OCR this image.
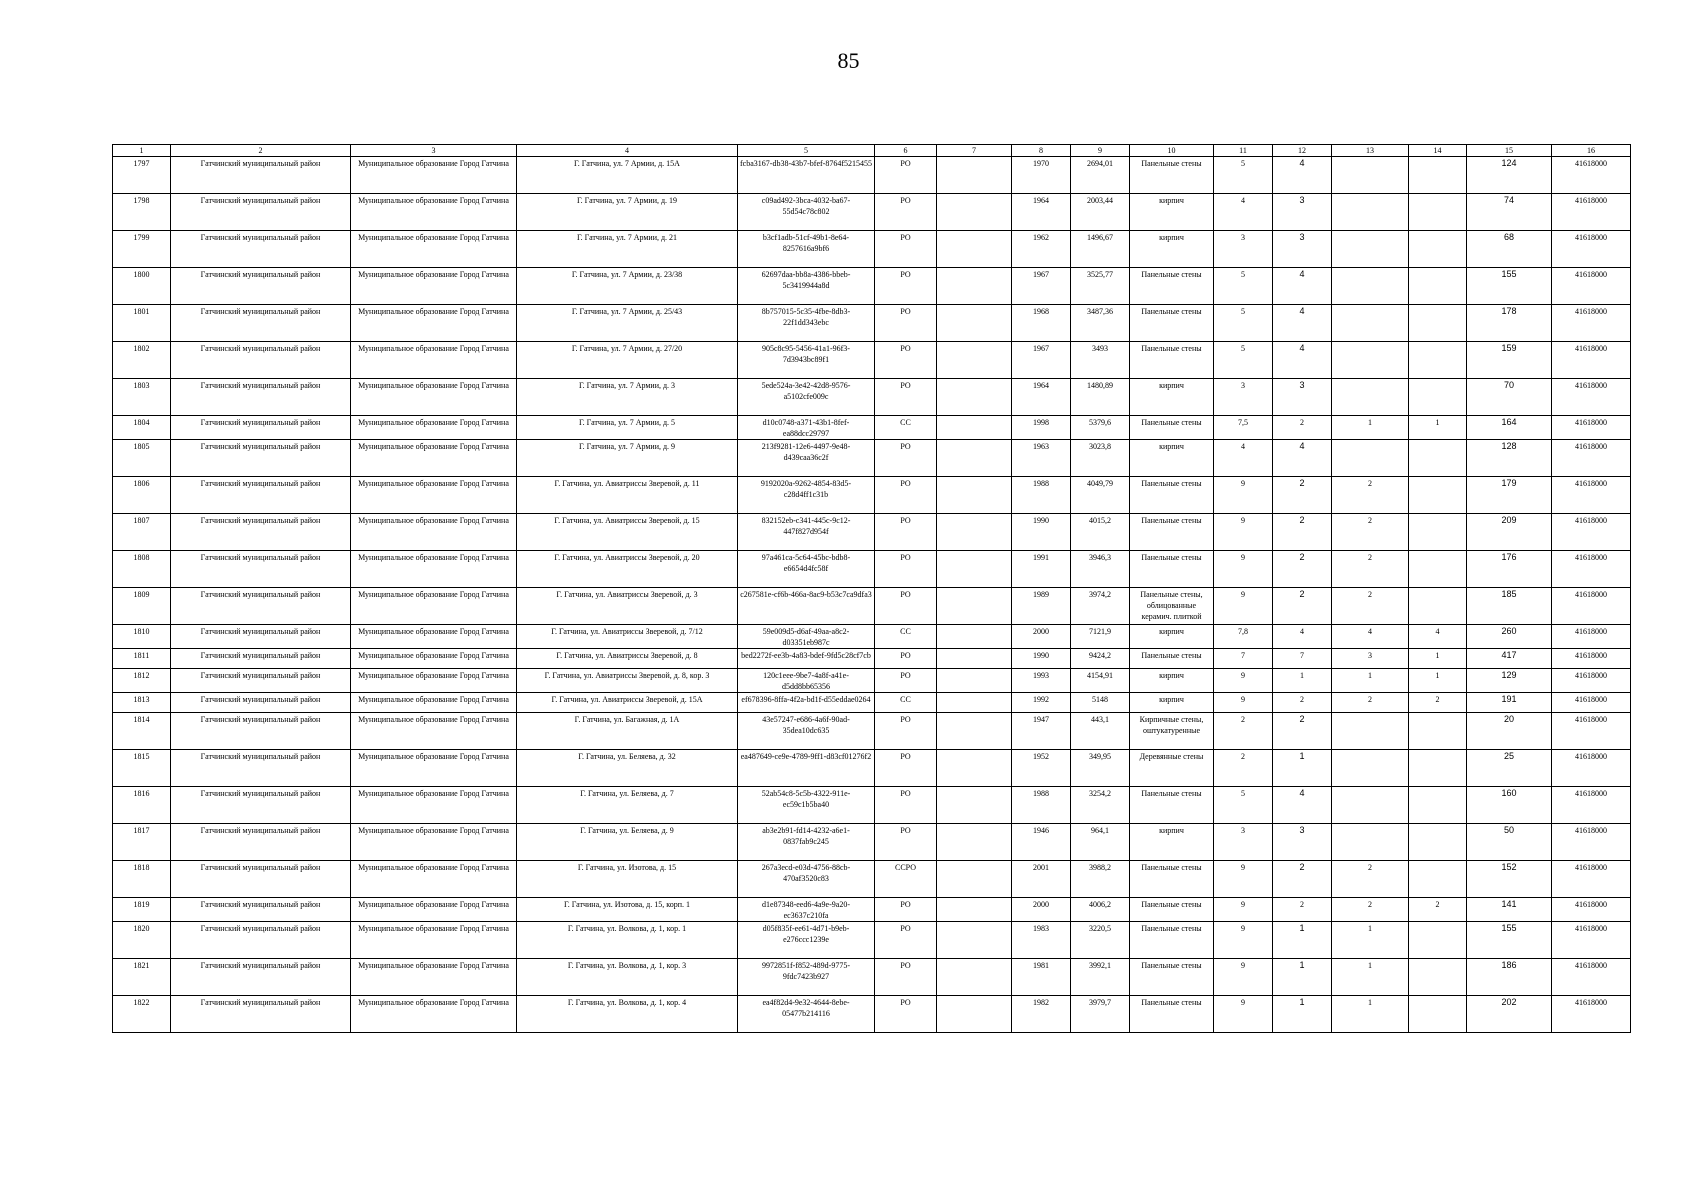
85
1	2	3	4	5	6	7	8	9	10	11	12	13	14	15	16
1797	Гатчинский муниципальный район	Муниципальное образование Город Гатчина	Г. Гатчина, ул. 7 Армии, д. 15А	fcba3167-db38-43b7-bfef-8764f5215455	РО		1970	2694,01	Панельные стены	5	4			124	41618000
1798	Гатчинский муниципальный район	Муниципальное образование Город Гатчина	Г. Гатчина, ул. 7 Армии, д. 19	c09ad492-3bca-4032-ba67-55d54c78c802	РО		1964	2003,44	кирпич	4	3			74	41618000
1799	Гатчинский муниципальный район	Муниципальное образование Город Гатчина	Г. Гатчина, ул. 7 Армии, д. 21	b3cf1adb-51cf-49b1-8e64-8257616a9bf6	РО		1962	1496,67	кирпич	3	3			68	41618000
1800	Гатчинский муниципальный район	Муниципальное образование Город Гатчина	Г. Гатчина, ул. 7 Армии, д. 23/38	62697daa-bb8a-4386-bbeb-5c3419944a8d	РО		1967	3525,77	Панельные стены	5	4			155	41618000
1801	Гатчинский муниципальный район	Муниципальное образование Город Гатчина	Г. Гатчина, ул. 7 Армии, д. 25/43	8b757015-5c35-4fbe-8db3-22f1dd343ebc	РО		1968	3487,36	Панельные стены	5	4			178	41618000
1802	Гатчинский муниципальный район	Муниципальное образование Город Гатчина	Г. Гатчина, ул. 7 Армии, д. 27/20	905c8c95-5456-41a1-96f3-7d3943bc89f1	РО		1967	3493	Панельные стены	5	4			159	41618000
1803	Гатчинский муниципальный район	Муниципальное образование Город Гатчина	Г. Гатчина, ул. 7 Армии, д. 3	5ede524a-3e42-42d8-9576-a5102cfe009c	РО		1964	1480,89	кирпич	3	3			70	41618000
1804	Гатчинский муниципальный район	Муниципальное образование Город Гатчина	Г. Гатчина, ул. 7 Армии, д. 5	d10c0748-a371-43b1-8fef-ea88dcc29797	СС		1998	5379,6	Панельные стены	7,5	2	1	1	164	41618000
1805	Гатчинский муниципальный район	Муниципальное образование Город Гатчина	Г. Гатчина, ул. 7 Армии, д. 9	213f9281-12e6-4497-9e48-d439caa36c2f	РО		1963	3023,8	кирпич	4	4			128	41618000
1806	Гатчинский муниципальный район	Муниципальное образование Город Гатчина	Г. Гатчина, ул. Авиатриссы Зверевой, д. 11	9192020a-9262-4854-83d5-c28d4ff1c31b	РО		1988	4049,79	Панельные стены	9	2	2		179	41618000
1807	Гатчинский муниципальный район	Муниципальное образование Город Гатчина	Г. Гатчина, ул. Авиатриссы Зверевой, д. 15	832152eb-c341-445c-9c12-447f827d954f	РО		1990	4015,2	Панельные стены	9	2	2		209	41618000
1808	Гатчинский муниципальный район	Муниципальное образование Город Гатчина	Г. Гатчина, ул. Авиатриссы Зверевой, д. 20	97a461ca-5c64-45bc-bdb8-e6654d4fc58f	РО		1991	3946,3	Панельные стены	9	2	2		176	41618000
1809	Гатчинский муниципальный район	Муниципальное образование Город Гатчина	Г. Гатчина, ул. Авиатриссы Зверевой, д. 3	c267581e-cf6b-466a-8ac9-b53c7ca9dfa3	РО		1989	3974,2	Панельные стены, облицованные керамич. плиткой	9	2	2		185	41618000
1810	Гатчинский муниципальный район	Муниципальное образование Город Гатчина	Г. Гатчина, ул. Авиатриссы Зверевой, д. 7/12	59e009d5-d6af-49aa-a8c2-d03351eb987c	СС		2000	7121,9	кирпич	7,8	4	4	4	260	41618000
1811	Гатчинский муниципальный район	Муниципальное образование Город Гатчина	Г. Гатчина, ул. Авиатриссы Зверевой, д. 8	bed2272f-ee3b-4a83-bdef-9fd5c28cf7cb	РО		1990	9424,2	Панельные стены	7	7	3	1	417	41618000
1812	Гатчинский муниципальный район	Муниципальное образование Город Гатчина	Г. Гатчина, ул. Авиатриссы Зверевой, д. 8, кор. 3	120c1eee-9be7-4a8f-a41e-d5dd8bb65356	РО		1993	4154,91	кирпич	9	1	1	1	129	41618000
1813	Гатчинский муниципальный район	Муниципальное образование Город Гатчина	Г. Гатчина, ул. Авиатриссы Зверевой, д. 15А	ef678396-8ffa-4f2a-bd1f-d55eddae0264	СС		1992	5148	кирпич	9	2	2	2	191	41618000
1814	Гатчинский муниципальный район	Муниципальное образование Город Гатчина	Г. Гатчина, ул. Багажная, д. 1А	43e57247-e686-4a6f-90ad-35dea10dc635	РО		1947	443,1	Кирпичные стены, оштукатуренные	2	2			20	41618000
1815	Гатчинский муниципальный район	Муниципальное образование Город Гатчина	Г. Гатчина, ул. Беляева, д. 32	ea487649-ce9e-4789-9ff1-d83cf01276f2	РО		1952	349,95	Деревянные стены	2	1			25	41618000
1816	Гатчинский муниципальный район	Муниципальное образование Город Гатчина	Г. Гатчина, ул. Беляева, д. 7	52ab54c8-5c5b-4322-911e-ec59c1b5ba40	РО		1988	3254,2	Панельные стены	5	4			160	41618000
1817	Гатчинский муниципальный район	Муниципальное образование Город Гатчина	Г. Гатчина, ул. Беляева, д. 9	ab3e2b91-fd14-4232-a6e1-0837fab9c245	РО		1946	964,1	кирпич	3	3			50	41618000
1818	Гатчинский муниципальный район	Муниципальное образование Город Гатчина	Г. Гатчина, ул. Изотова, д. 15	267a3ecd-e03d-4756-88cb-470af3520c83	ССРО		2001	3988,2	Панельные стены	9	2	2		152	41618000
1819	Гатчинский муниципальный район	Муниципальное образование Город Гатчина	Г. Гатчина, ул. Изотова, д. 15, корп. 1	d1e87348-eed6-4a9e-9a20-ec3637c210fa	РО		2000	4006,2	Панельные стены	9	2	2	2	141	41618000
1820	Гатчинский муниципальный район	Муниципальное образование Город Гатчина	Г. Гатчина, ул. Волкова, д. 1, кор. 1	d05f835f-ee61-4d71-b9eb-e276ccc1239e	РО		1983	3220,5	Панельные стены	9	1	1		155	41618000
1821	Гатчинский муниципальный район	Муниципальное образование Город Гатчина	Г. Гатчина, ул. Волкова, д. 1, кор. 3	9972851f-f852-489d-9775-9fdc7423b927	РО		1981	3992,1	Панельные стены	9	1	1		186	41618000
1822	Гатчинский муниципальный район	Муниципальное образование Город Гатчина	Г. Гатчина, ул. Волкова, д. 1, кор. 4	ea4f82d4-9e32-4644-8ebe-05477b214116	РО		1982	3979,7	Панельные стены	9	1	1		202	41618000
